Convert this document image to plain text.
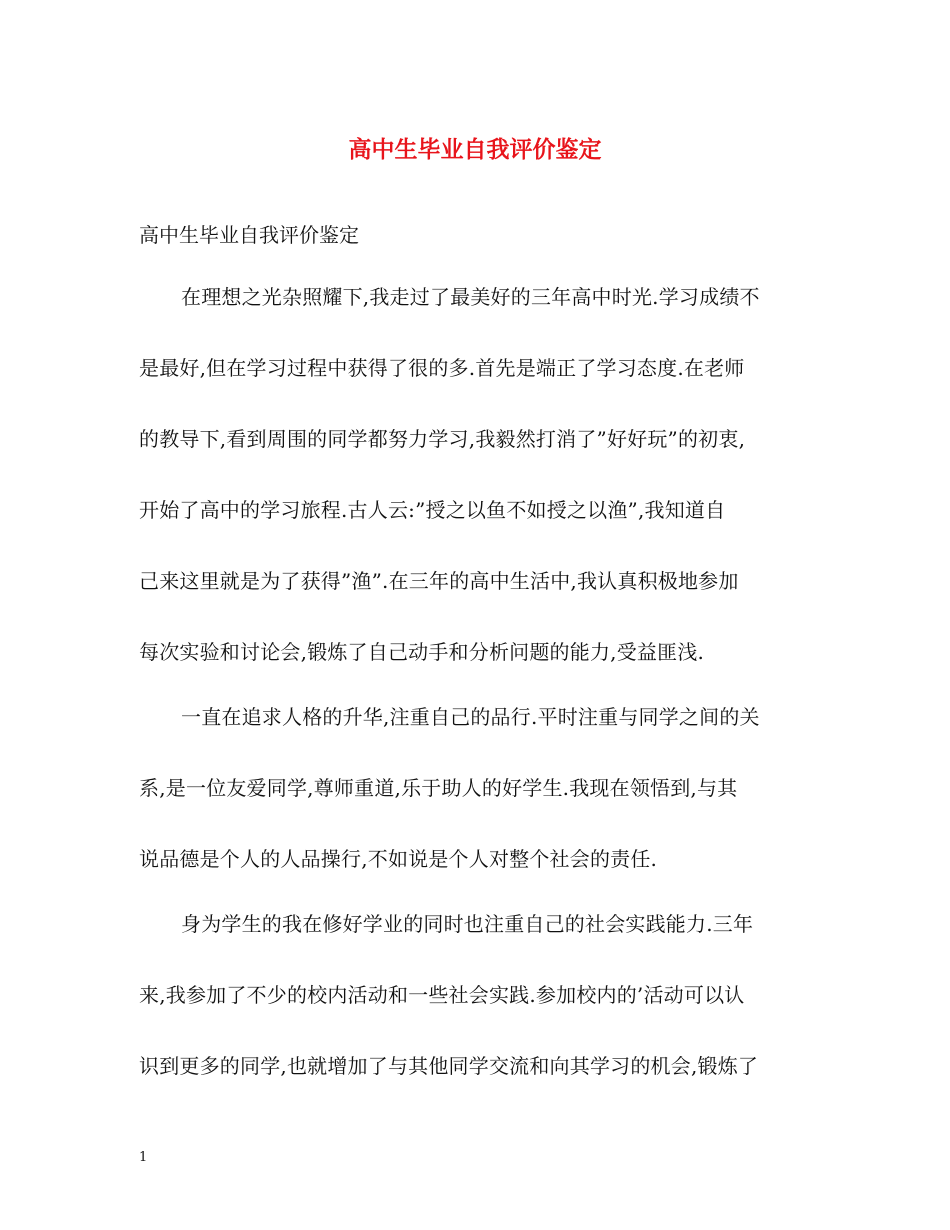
高中生毕业自我评价鉴定

高中生毕业自我评价鉴定

在理想之光杂照耀下,我走过了最美好的三年高中时光.学习成绩不

是最好,但在学习过程中获得了很的多.首先是端正了学习态度.在老师

的教导下,看到周围的同学都努力学习,我毅然打消了”好好玩”的初衷,

开始了高中的学习旅程.古人云:”授之以鱼不如授之以渔”,我知道自

己来这里就是为了获得”渔”.在三年的高中生活中,我认真积极地参加

每次实验和讨论会,锻炼了自己动手和分析问题的能力,受益匪浅.

一直在追求人格的升华,注重自己的品行.平时注重与同学之间的关

系,是一位友爱同学,尊师重道,乐于助人的好学生.我现在领悟到,与其

说品德是个人的人品操行,不如说是个人对整个社会的责任.

身为学生的我在修好学业的同时也注重自己的社会实践能力.三年

来,我参加了不少的校内活动和一些社会实践.参加校内的’活动可以认

识到更多的同学,也就增加了与其他同学交流和向其学习的机会,锻炼了

1
